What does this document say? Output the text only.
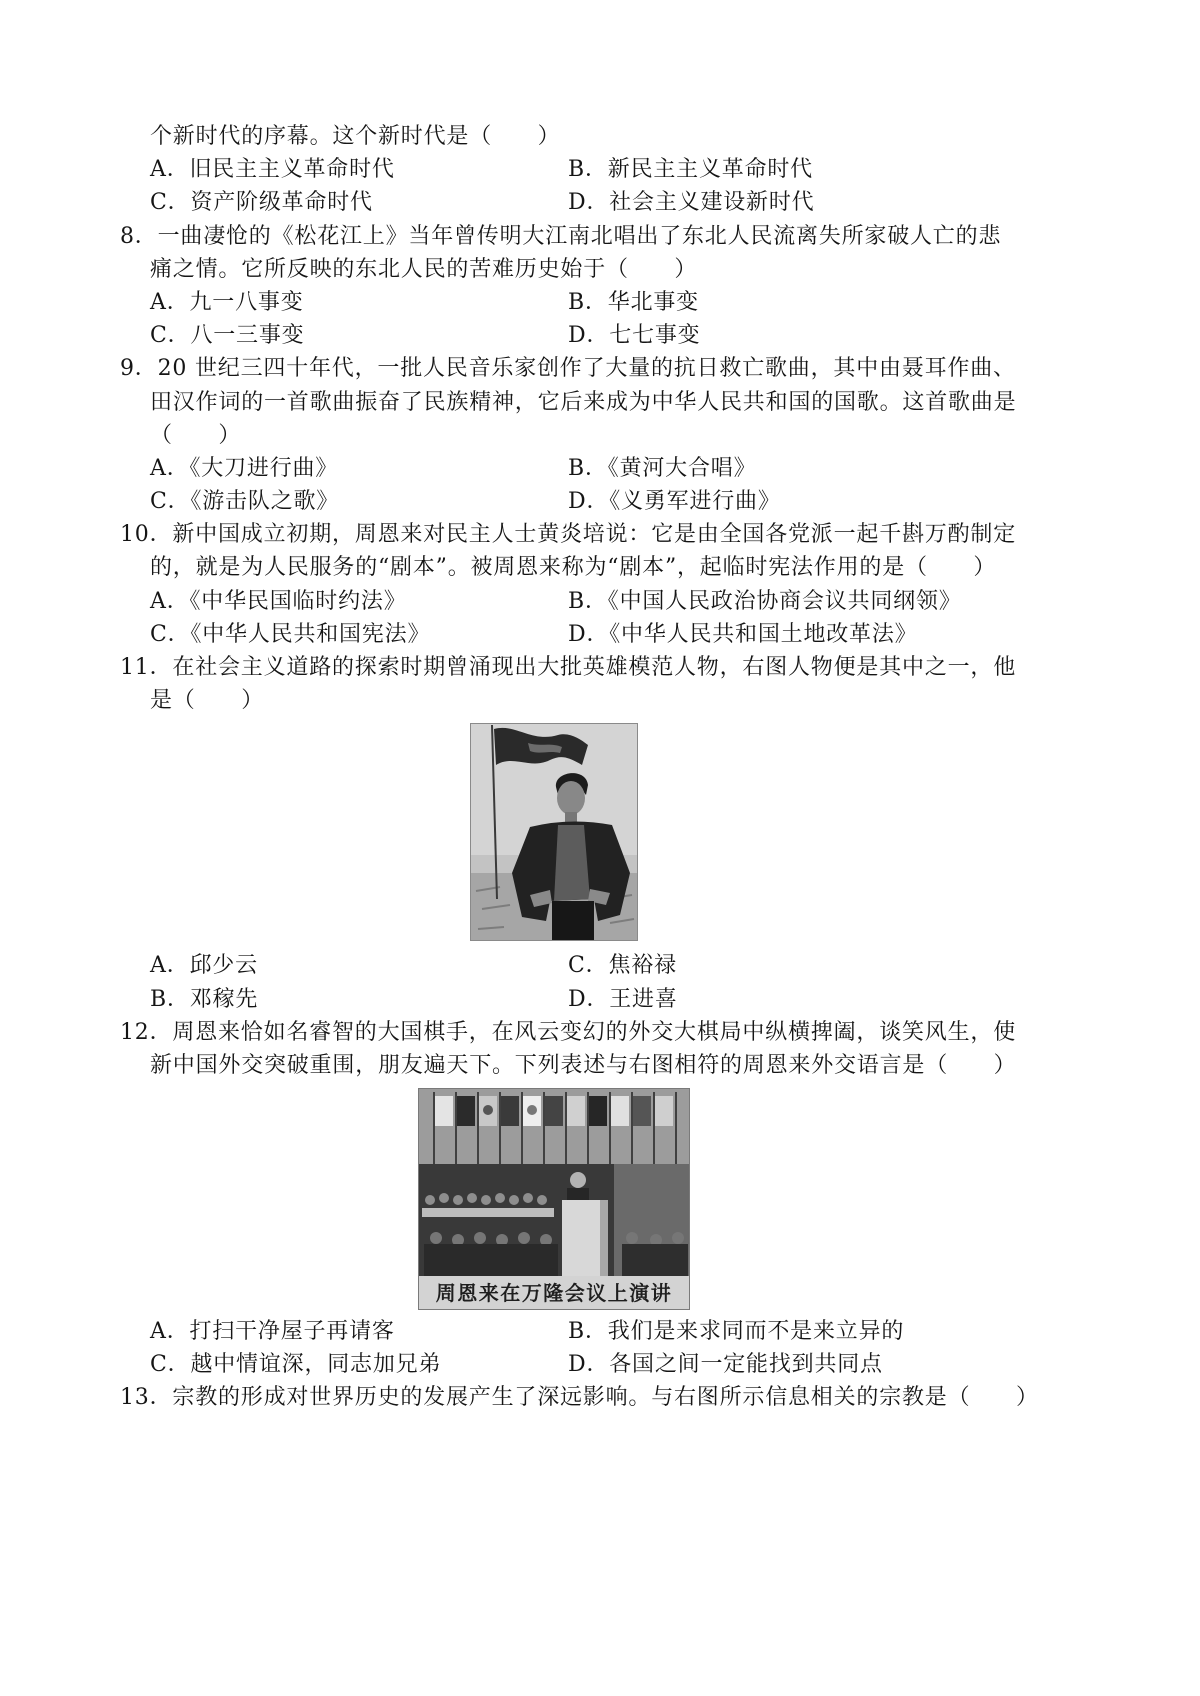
个新时代的序幕。这个新时代是（　　）
A．旧民主主义革命时代	B．新民主主义革命时代
C．资产阶级革命时代	D．社会主义建设新时代
8．一曲凄怆的《松花江上》当年曾传明大江南北唱出了东北人民流离失所家破人亡的悲
痛之情。它所反映的东北人民的苦难历史始于（　　）
A．九一八事变	B．华北事变
C．八一三事变	D．七七事变
9．20 世纪三四十年代，一批人民音乐家创作了大量的抗日救亡歌曲，其中由聂耳作曲、
田汉作词的一首歌曲振奋了民族精神，它后来成为中华人民共和国的国歌。这首歌曲是
（　　）
A．《大刀进行曲》	B．《黄河大合唱》
C．《游击队之歌》	D．《义勇军进行曲》
10．新中国成立初期，周恩来对民主人士黄炎培说：它是由全国各党派一起千斟万酌制定
的，就是为人民服务的“剧本”。被周恩来称为“剧本”，起临时宪法作用的是（　　）
A．《中华民国临时约法》	B．《中国人民政治协商会议共同纲领》
C．《中华人民共和国宪法》	D．《中华人民共和国土地改革法》
11．在社会主义道路的探索时期曾涌现出大批英雄模范人物，右图人物便是其中之一，他
是（　　）
A．邱少云	C．焦裕禄
B．邓稼先	D．王进喜
12．周恩来恰如名睿智的大国棋手，在风云变幻的外交大棋局中纵横捭阖，谈笑风生，使
新中国外交突破重围，朋友遍天下。下列表述与右图相符的周恩来外交语言是（　　）
周恩来在万隆会议上演讲
A．打扫干净屋子再请客	B．我们是来求同而不是来立异的
C．越中情谊深，同志加兄弟	D．各国之间一定能找到共同点
13．宗教的形成对世界历史的发展产生了深远影响。与右图所示信息相关的宗教是（　　）
